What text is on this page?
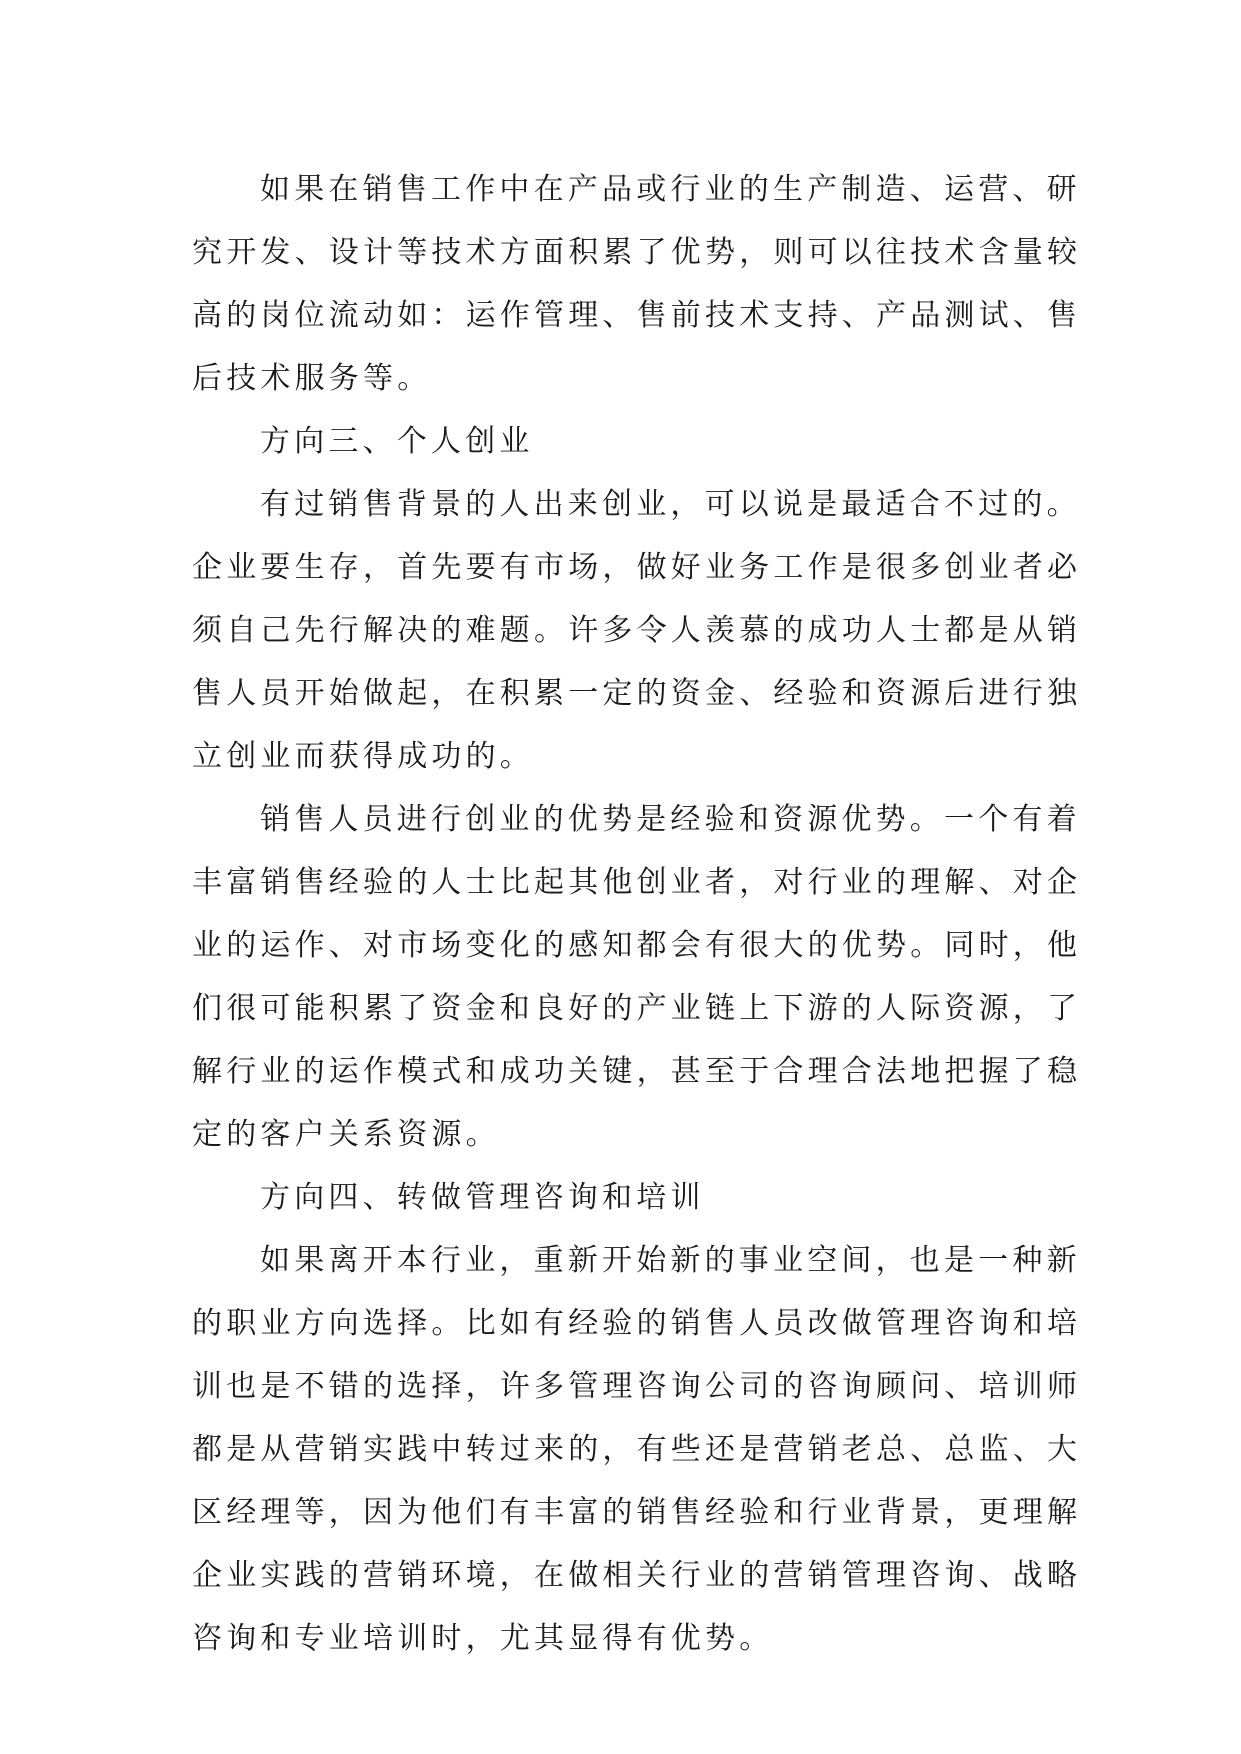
如果在销售工作中在产品或行业的生产制造、运营、研

究开发、设计等技术方面积累了优势，则可以往技术含量较

高的岗位流动如：运作管理、售前技术支持、产品测试、售

后技术服务等。

方向三、个人创业

有过销售背景的人出来创业，可以说是最适合不过的。

企业要生存，首先要有市场，做好业务工作是很多创业者必

须自己先行解决的难题。许多令人羡慕的成功人士都是从销

售人员开始做起，在积累一定的资金、经验和资源后进行独

立创业而获得成功的。

销售人员进行创业的优势是经验和资源优势。一个有着

丰富销售经验的人士比起其他创业者，对行业的理解、对企

业的运作、对市场变化的感知都会有很大的优势。同时，他

们很可能积累了资金和良好的产业链上下游的人际资源，了

解行业的运作模式和成功关键，甚至于合理合法地把握了稳

定的客户关系资源。

方向四、转做管理咨询和培训

如果离开本行业，重新开始新的事业空间，也是一种新

的职业方向选择。比如有经验的销售人员改做管理咨询和培

训也是不错的选择，许多管理咨询公司的咨询顾问、培训师

都是从营销实践中转过来的，有些还是营销老总、总监、大

区经理等，因为他们有丰富的销售经验和行业背景，更理解

企业实践的营销环境，在做相关行业的营销管理咨询、战略

咨询和专业培训时，尤其显得有优势。
